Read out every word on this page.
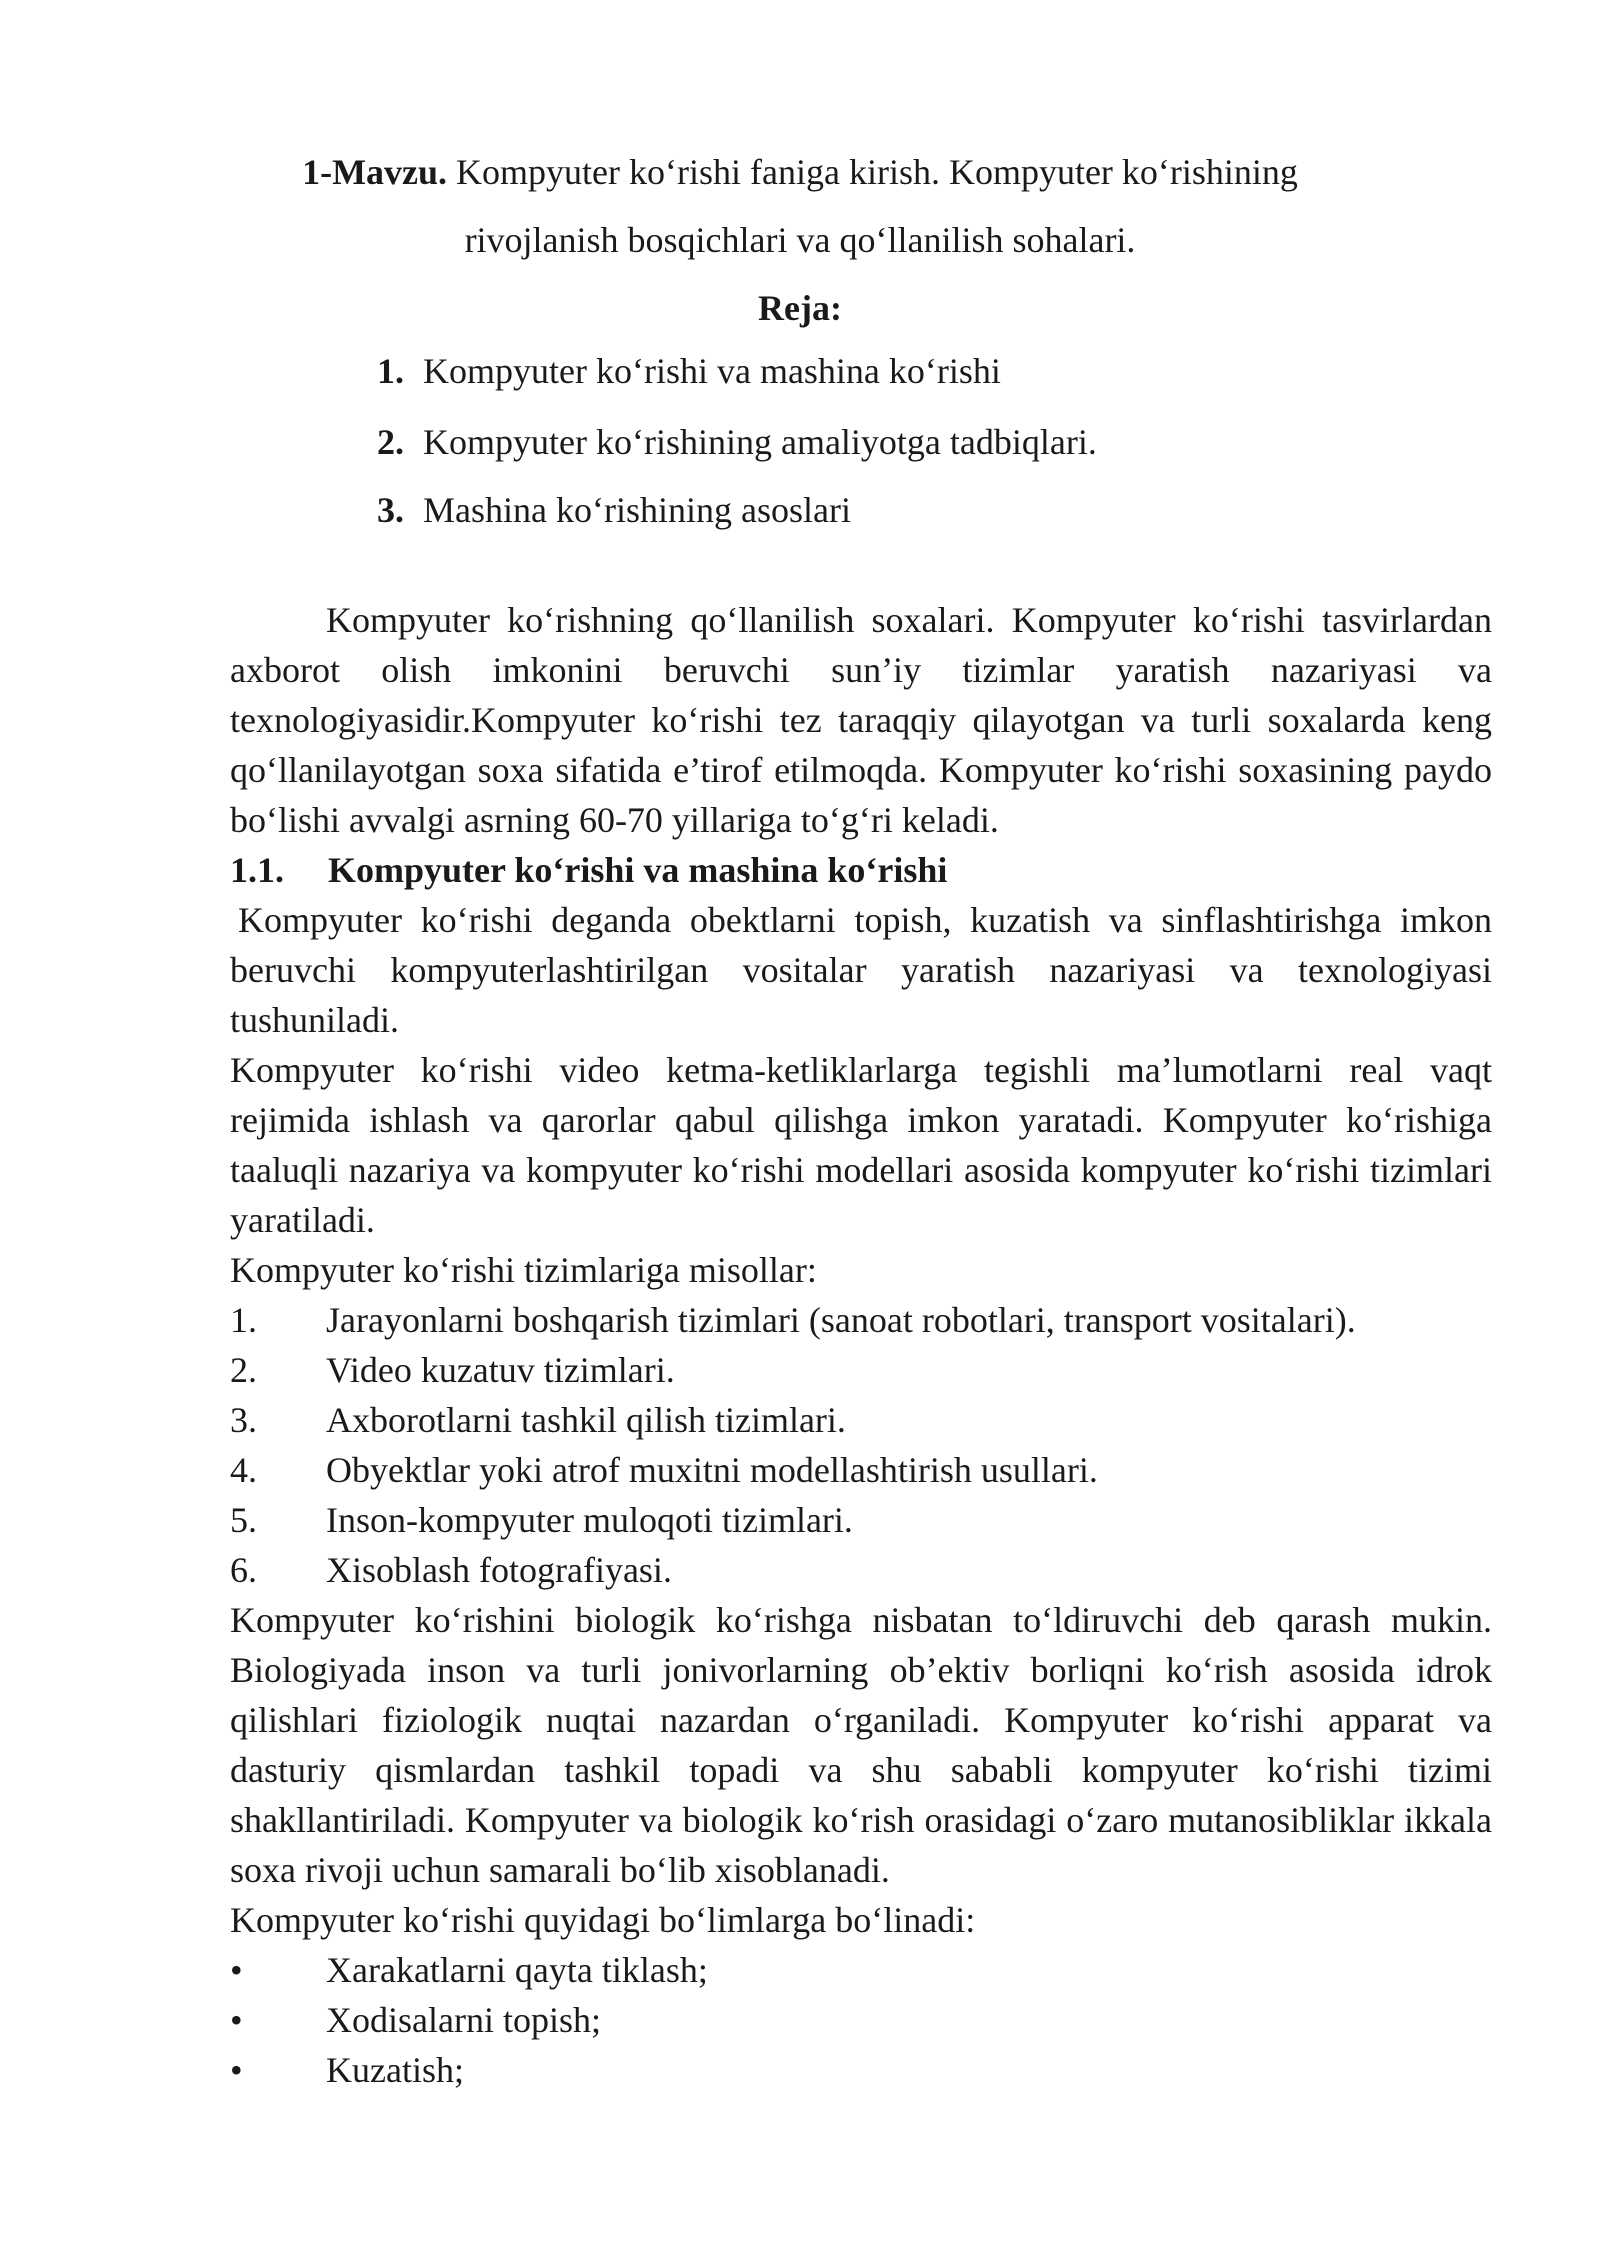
1-Mavzu. Kompyuter ko‘rishi faniga kirish. Kompyuter ko‘rishining
rivojlanish bosqichlari va qo‘llanilish sohalari.
Reja:
1. Kompyuter ko‘rishi va mashina ko‘rishi
2. Kompyuter ko‘rishining amaliyotga tadbiqlari.
3. Mashina ko‘rishining asoslari

Kompyuter ko‘rishning qo‘llanilish soxalari. Kompyuter ko‘rishi tasvirlardan axborot olish imkonini beruvchi sun’iy tizimlar yaratish nazariyasi va texnologiyasidir.Kompyuter ko‘rishi tez taraqqiy qilayotgan va turli soxalarda keng qo‘llanilayotgan soxa sifatida e’tirof etilmoqda. Kompyuter ko‘rishi soxasining paydo bo‘lishi avvalgi asrning 60-70 yillariga to‘g‘ri keladi.

1.1. Kompyuter ko‘rishi va mashina ko‘rishi

Kompyuter ko‘rishi deganda obektlarni topish, kuzatish va sinflashtirishga imkon beruvchi kompyuterlashtirilgan vositalar yaratish nazariyasi va texnologiyasi tushuniladi.

Kompyuter ko‘rishi video ketma-ketliklarlarga tegishli ma’lumotlarni real vaqt rejimida ishlash va qarorlar qabul qilishga imkon yaratadi. Kompyuter ko‘rishiga taaluqli nazariya va kompyuter ko‘rishi modellari asosida kompyuter ko‘rishi tizimlari yaratiladi.

Kompyuter ko‘rishi tizimlariga misollar:

1. Jarayonlarni boshqarish tizimlari (sanoat robotlari, transport vositalari).
2. Video kuzatuv tizimlari.
3. Axborotlarni tashkil qilish tizimlari.
4. Obyektlar yoki atrof muxitni modellashtirish usullari.
5. Inson-kompyuter muloqoti tizimlari.
6. Xisoblash fotografiyasi.

Kompyuter ko‘rishini biologik ko‘rishga nisbatan to‘ldiruvchi deb qarash mukin. Biologiyada inson va turli jonivorlarning ob’ektiv borliqni ko‘rish asosida idrok qilishlari fiziologik nuqtai nazardan o‘rganiladi. Kompyuter ko‘rishi apparat va dasturiy qismlardan tashkil topadi va shu sababli kompyuter ko‘rishi tizimi shakllantiriladi. Kompyuter va biologik ko‘rish orasidagi o‘zaro mutanosibliklar ikkala soxa rivoji uchun samarali bo‘lib xisoblanadi.

Kompyuter ko‘rishi quyidagi bo‘limlarga bo‘linadi:

• Xarakatlarni qayta tiklash;
• Xodisalarni topish;
• Kuzatish;
